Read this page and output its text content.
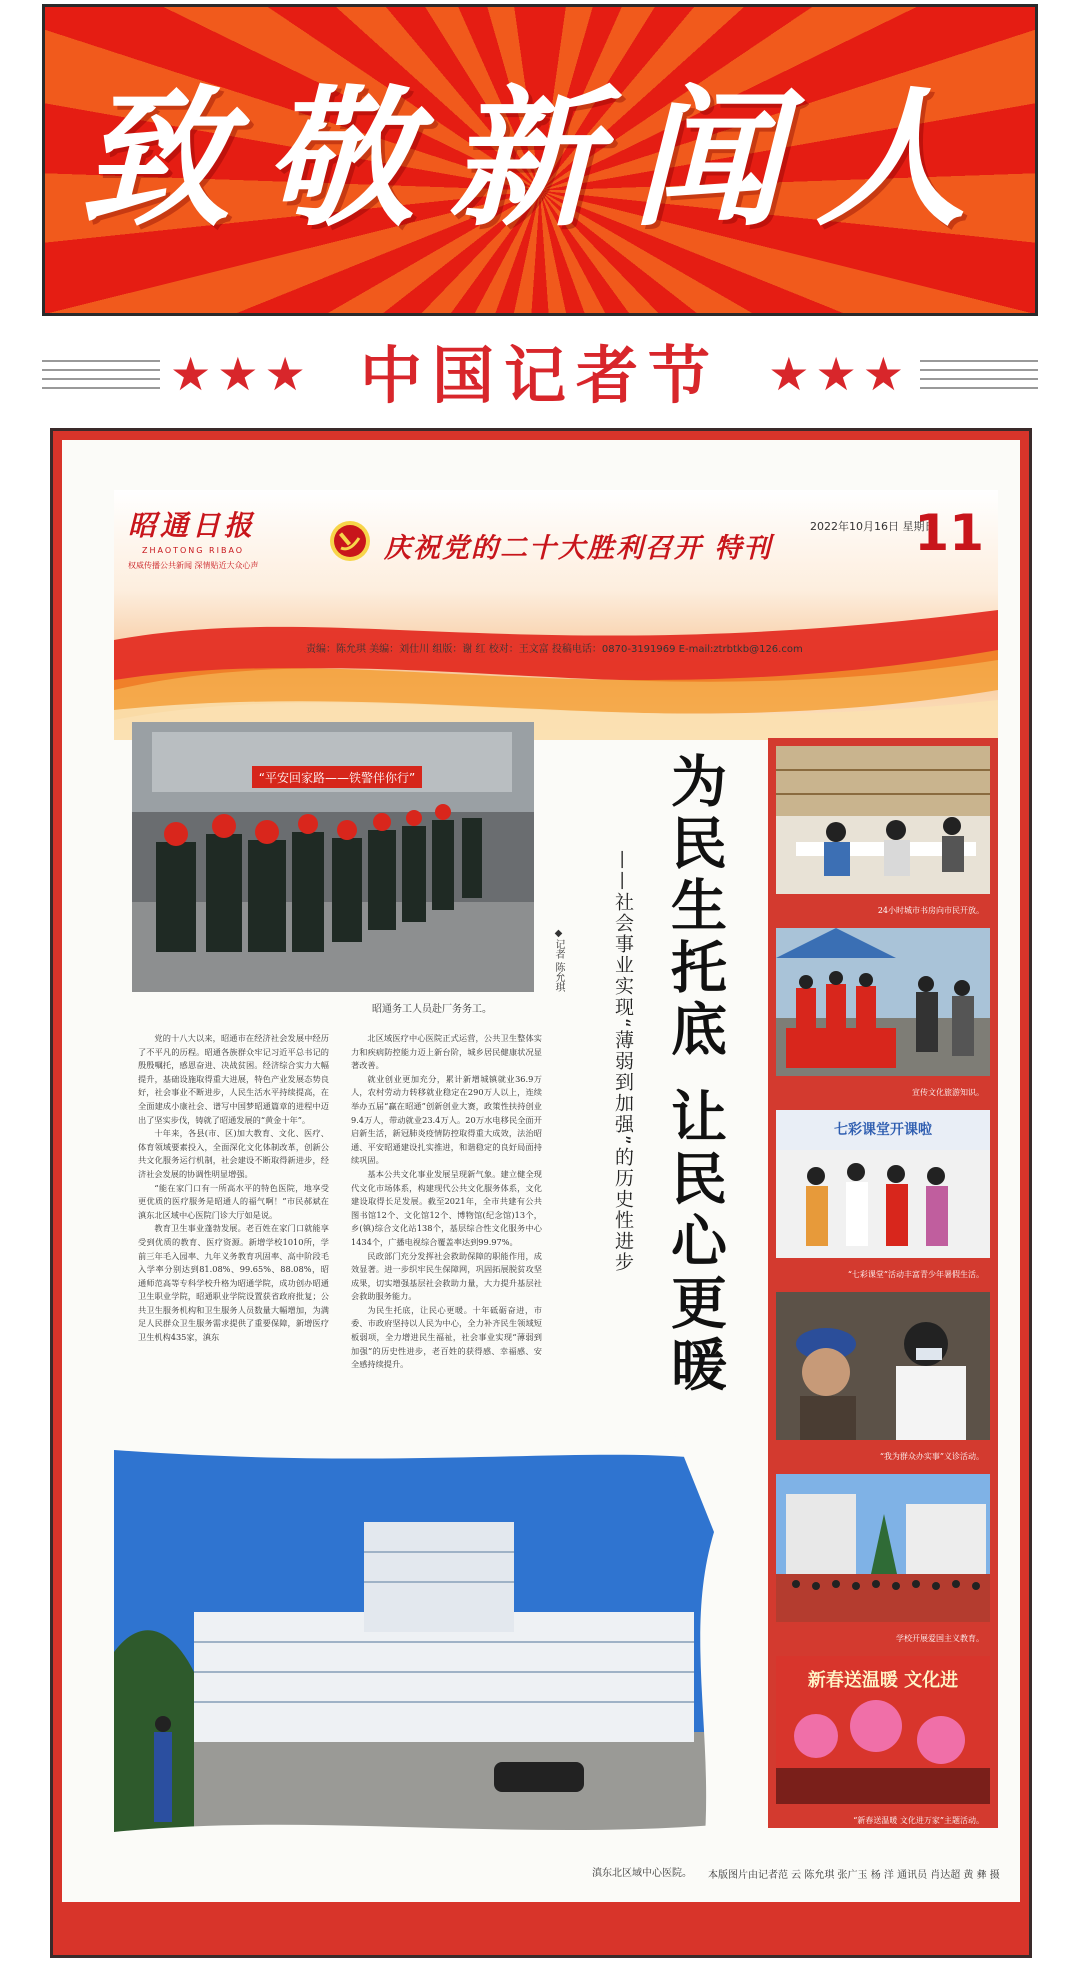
致敬新闻人
★★★ 中国记者节	★★★
昭通日报
ZHAOTONG RIBAO
权威传播公共新闻 深情贴近大众心声
庆祝党的二十大胜利召开 特刊
2022年10月16日 星期日
11
责编：陈允琪 美编：刘仕川 组版：谢 红 校对：王文富 投稿电话：0870-3191969 E-mail:ztrbtkb@126.com
“平安回家路——铁警伴你行”
昭通务工人员赴厂务务工。	为民生托底 让民心更暖
——社会事业实现“薄弱到加强”的历史性进步
◆记者 陈允琪

党的十八大以来，昭通市在经济社会发展中经历了不平凡的历程。昭通各族群众牢记习近平总书记的殷殷嘱托，感恩奋进、决战贫困。经济综合实力大幅提升，基础设施取得重大进展，特色产业发展态势良好，社会事业不断进步，人民生活水平持续提高，在全面建成小康社会、谱写中国梦昭通篇章的进程中迈出了坚实步伐，铸就了昭通发展的“黄金十年”。

十年来，各县(市、区)加大教育、文化、医疗、体育领域要素投入，全面深化文化体制改革，创新公共文化服务运行机制，社会建设不断取得新进步，经济社会发展的协调性明显增强。

“能在家门口有一所高水平的特色医院，地享受更优质的医疗服务是昭通人的福气啊！”市民郝斌在滇东北区域中心医院门诊大厅如是说。

教育卫生事业蓬勃发展。老百姓在家门口就能享受到优质的教育、医疗资源。新增学校1010所，学前三年毛入园率、九年义务教育巩固率、高中阶段毛入学率分别达到81.08%、99.65%、88.08%，昭通师范高等专科学校升格为昭通学院，成功创办昭通卫生职业学院，昭通职业学院设置获省政府批复；公共卫生服务机构和卫生服务人员数量大幅增加，为满足人民群众卫生服务需求提供了重要保障，新增医疗卫生机构435家，滇东

北区域医疗中心医院正式运营，公共卫生整体实力和疾病防控能力迈上新台阶，城乡居民健康状况显著改善。

就业创业更加充分，累计新增城镇就业36.9万人，农村劳动力转移就业稳定在290万人以上，连续举办五届“赢在昭通”创新创业大赛，政策性扶持创业9.4万人，带动就业23.4万人。20万水电移民全面开启新生活，新冠肺炎疫情防控取得重大成效，法治昭通、平安昭通建设扎实推进，和谐稳定的良好局面持续巩固。

基本公共文化事业发展呈现新气象。建立健全现代文化市场体系，构建现代公共文化服务体系，文化建设取得长足发展。截至2021年，全市共建有公共图书馆12个、文化馆12个、博物馆(纪念馆)13个，乡(镇)综合文化站138个，基层综合性文化服务中心1434个，广播电视综合覆盖率达到99.97%。

民政部门充分发挥社会救助保障的职能作用，成效显著。进一步织牢民生保障网，巩固拓展脱贫攻坚成果，切实增强基层社会救助力量，大力提升基层社会救助服务能力。

为民生托底，让民心更暖。十年砥砺奋进，市委、市政府坚持以人民为中心，全力补齐民生领域短板弱项，全力增进民生福祉，社会事业实现“薄弱到加强”的历史性进步，老百姓的获得感、幸福感、安全感持续提升。

24小时城市书房向市民开放。
宣传文化旅游知识。
七彩课堂开课啦
“七彩课堂”活动丰富青少年暑假生活。
“我为群众办实事”义诊活动。
学校开展爱国主义教育。
新春送温暖 文化进
“新春送温暖 文化进万家”主题活动。
滇东北区域中心医院。 本版图片由记者范 云 陈允琪 张广玉 杨 洋 通讯员 肖达超 黄 彝 摄
